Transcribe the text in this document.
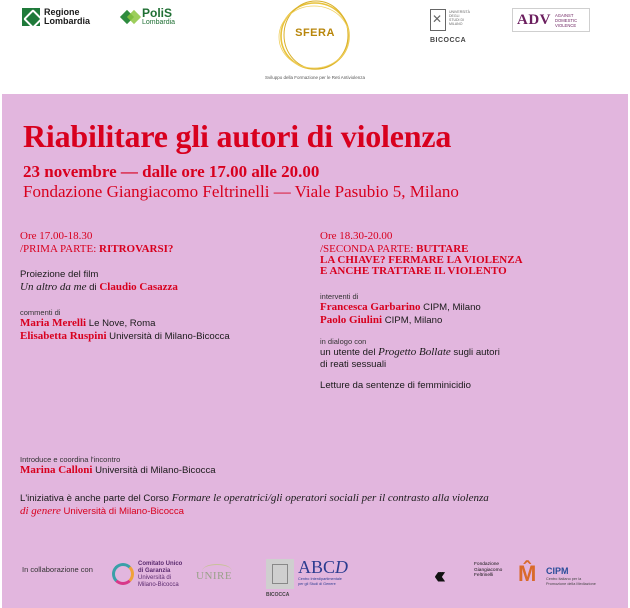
Regione Lombardia
PoliS
Lombardia
SFERA
Sviluppo della Formazione per le Reti Antiviolenza
✕
UNIVERSITÀ DEGLI STUDI DI MILANO
BICOCCA
ADV AGAINST DOMESTIC VIOLENCE
Riabilitare gli autori di violenza
23 novembre — dalle ore 17.00 alle 20.00
Fondazione Giangiacomo Feltrinelli — Viale Pasubio 5, Milano
Ore 17.00-18.30
/PRIMA PARTE: RITROVARSI?
Proiezione del film
Un altro da me di Claudio Casazza
commenti di
Maria Merelli Le Nove, Roma
Elisabetta Ruspini Università di Milano-Bicocca
Ore 18.30-20.00
/SECONDA PARTE: BUTTARE
LA CHIAVE? FERMARE LA VIOLENZA
E ANCHE TRATTARE IL VIOLENTO
interventi di
Francesca Garbarino CIPM, Milano
Paolo Giulini CIPM, Milano
in dialogo con
un utente del Progetto Bollate sugli autori
di reati sessuali
Letture da sentenze di femminicidio
Introduce e coordina l'incontro
Marina Calloni Università di Milano-Bicocca
L'iniziativa è anche parte del Corso Formare le operatrici/gli operatori sociali per il contrasto alla violenza
di genere Università di Milano-Bicocca
In collaborazione con
Comitato Unico
di Garanzia
Università di
Milano-Bicocca
UNIRE	ABCD
Centro Interdipartimentale
per gli Studi di Genere
BICOCCA
‹‹‹	Fondazione
Giangiacomo
Feltrinelli	M CIPM
Centro Italiano per la
Promozione della Mediazione
